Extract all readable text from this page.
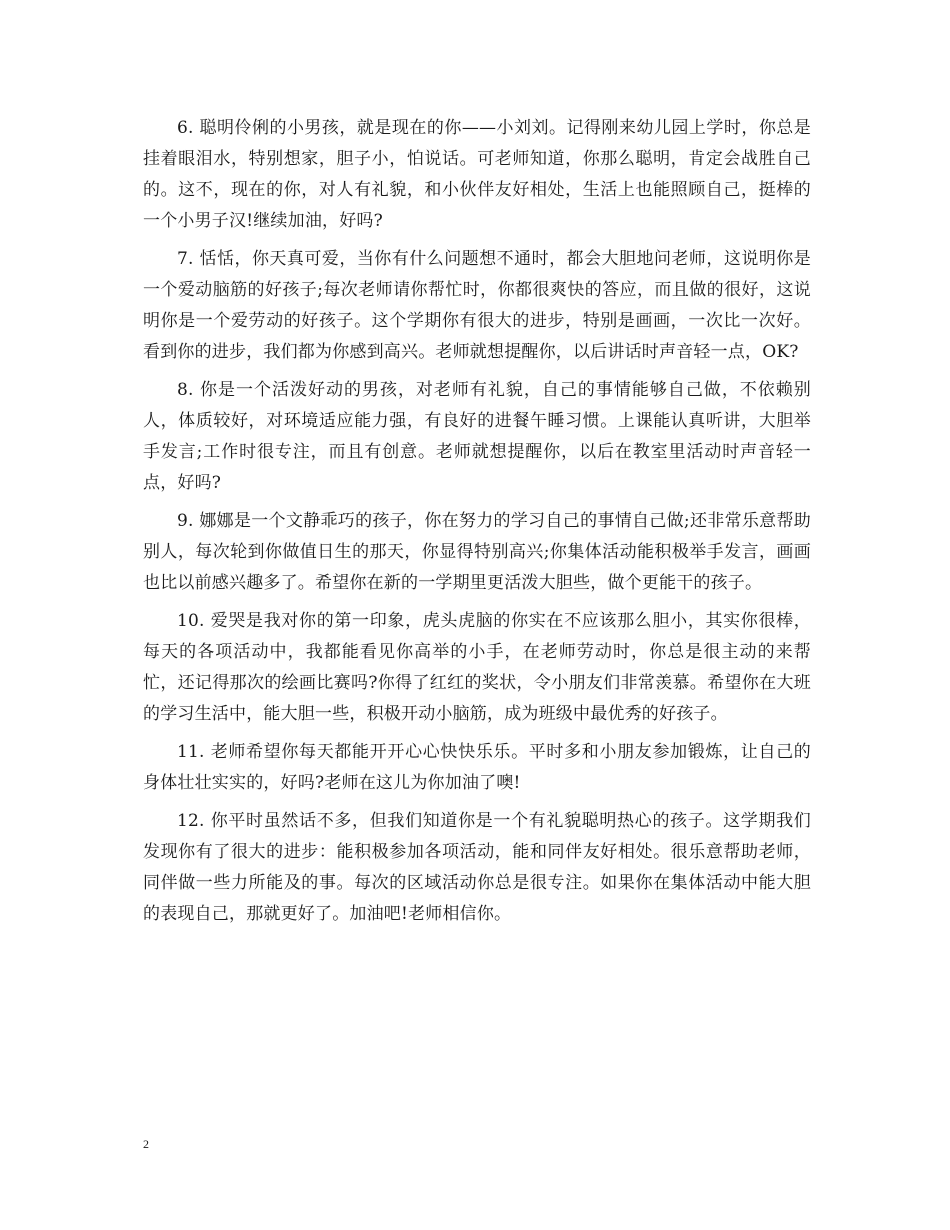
6. 聪明伶俐的小男孩，就是现在的你——小刘刘。记得刚来幼儿园上学时，你总是挂着眼泪水，特别想家，胆子小，怕说话。可老师知道，你那么聪明，肯定会战胜自己的。这不，现在的你，对人有礼貌，和小伙伴友好相处，生活上也能照顾自己，挺棒的一个小男子汉!继续加油，好吗?

7. 恬恬，你天真可爱，当你有什么问题想不通时，都会大胆地问老师，这说明你是一个爱动脑筋的好孩子;每次老师请你帮忙时，你都很爽快的答应，而且做的很好，这说明你是一个爱劳动的好孩子。这个学期你有很大的进步，特别是画画，一次比一次好。看到你的进步，我们都为你感到高兴。老师就想提醒你，以后讲话时声音轻一点，OK?

8. 你是一个活泼好动的男孩，对老师有礼貌，自己的事情能够自己做，不依赖别人，体质较好，对环境适应能力强，有良好的进餐午睡习惯。上课能认真听讲，大胆举手发言;工作时很专注，而且有创意。老师就想提醒你，以后在教室里活动时声音轻一点，好吗?

9. 娜娜是一个文静乖巧的孩子，你在努力的学习自己的事情自己做;还非常乐意帮助别人，每次轮到你做值日生的那天，你显得特别高兴;你集体活动能积极举手发言，画画也比以前感兴趣多了。希望你在新的一学期里更活泼大胆些，做个更能干的孩子。

10. 爱哭是我对你的第一印象，虎头虎脑的你实在不应该那么胆小，其实你很棒，每天的各项活动中，我都能看见你高举的小手，在老师劳动时，你总是很主动的来帮忙，还记得那次的绘画比赛吗?你得了红红的奖状，令小朋友们非常羡慕。希望你在大班的学习生活中，能大胆一些，积极开动小脑筋，成为班级中最优秀的好孩子。

11. 老师希望你每天都能开开心心快快乐乐。平时多和小朋友参加锻炼，让自己的身体壮壮实实的，好吗?老师在这儿为你加油了噢!

12. 你平时虽然话不多，但我们知道你是一个有礼貌聪明热心的孩子。这学期我们发现你有了很大的进步：能积极参加各项活动，能和同伴友好相处。很乐意帮助老师，同伴做一些力所能及的事。每次的区域活动你总是很专注。如果你在集体活动中能大胆的表现自己，那就更好了。加油吧!老师相信你。

2
